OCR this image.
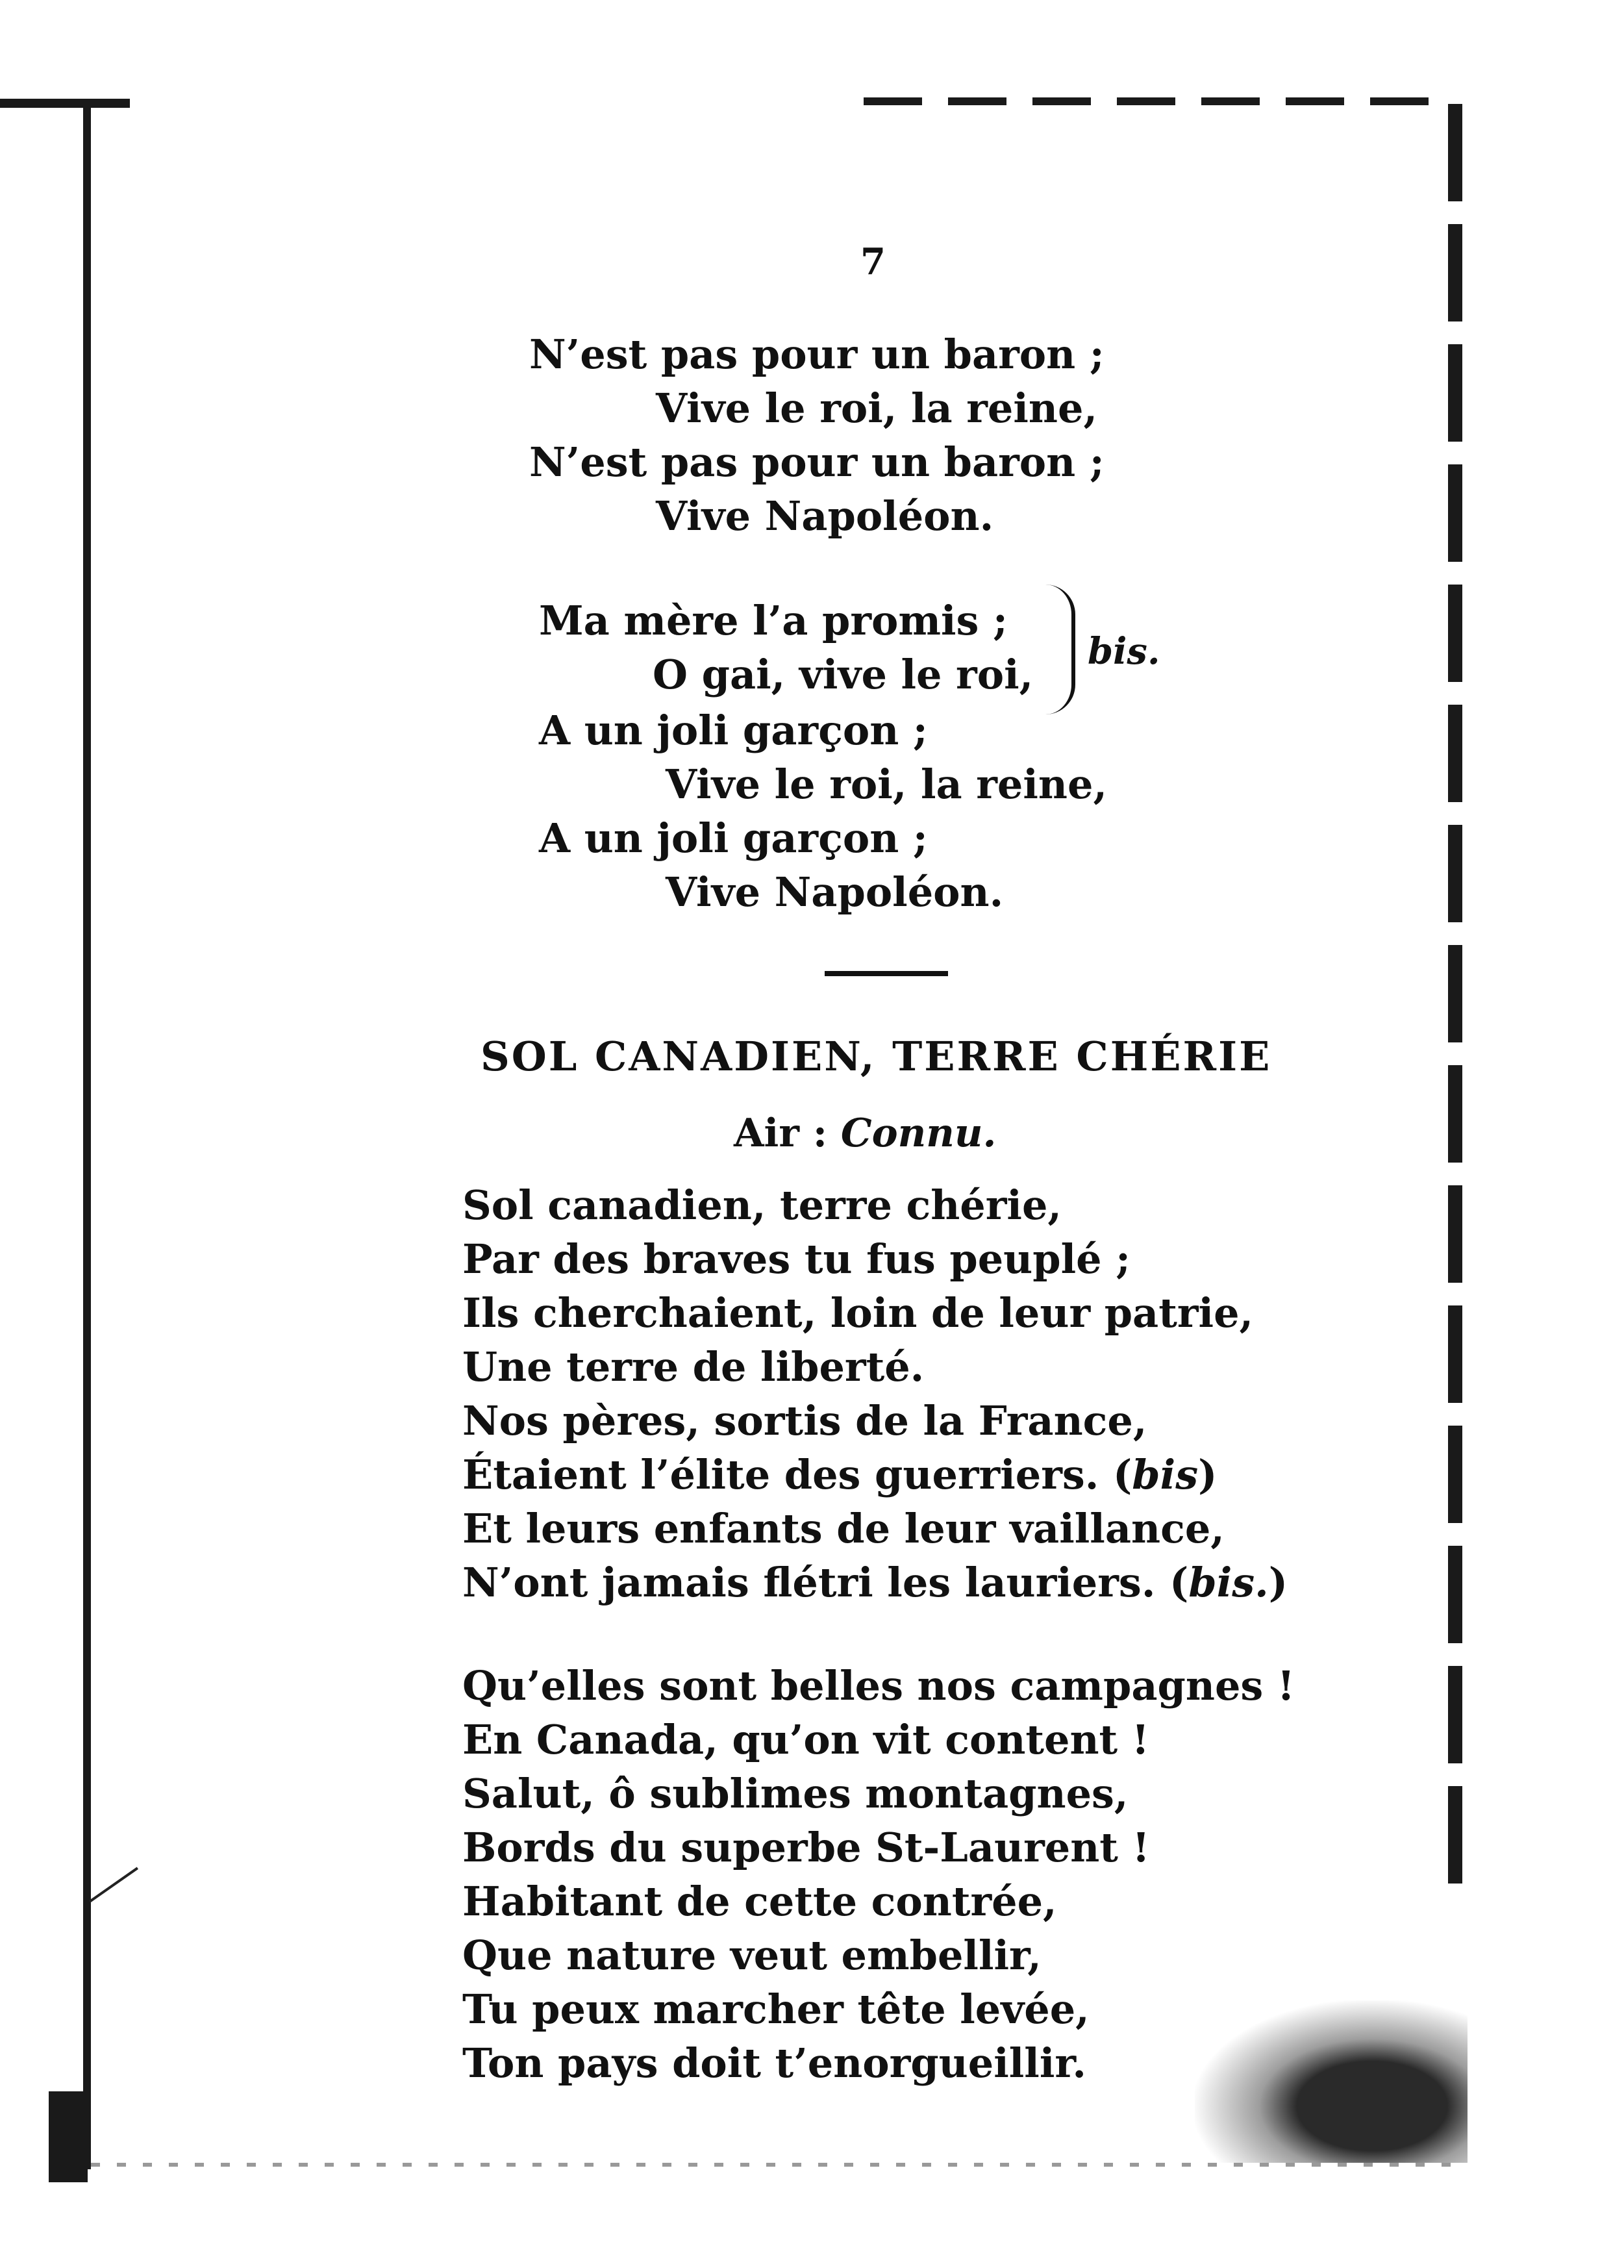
7
N’est pas pour un baron ;
Vive le roi, la reine,
N’est pas pour un baron ;
Vive Napoléon.
Ma mère l’a promis ;
O gai, vive le roi, bis.
A un joli garçon ;
Vive le roi, la reine,
A un joli garçon ;
Vive Napoléon.
SOL CANADIEN, TERRE CHÉRIE
Air : Connu.
Sol canadien, terre chérie,
Par des braves tu fus peuplé ;
Ils cherchaient, loin de leur patrie,
Une terre de liberté.
Nos pères, sortis de la France,
Étaient l’élite des guerriers. (bis)
Et leurs enfants de leur vaillance,
N’ont jamais flétri les lauriers. (bis.)
Qu’elles sont belles nos campagnes !
En Canada, qu’on vit content !
Salut, ô sublimes montagnes,
Bords du superbe St-Laurent !
Habitant de cette contrée,
Que nature veut embellir,
Tu peux marcher tête levée,
Ton pays doit t’enorgueillir.
